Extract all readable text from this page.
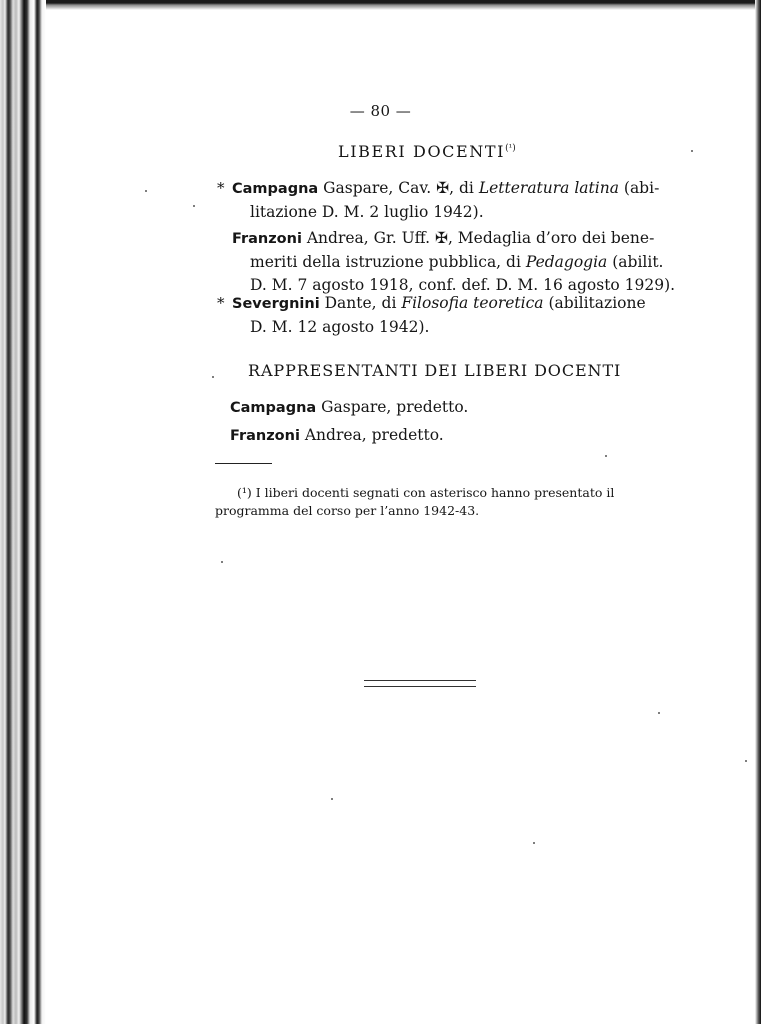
— 80 —
LIBERI $DOCENTI^{(^1)}$
* Campagna Gaspare, Cav. ✠, di Letteratura latina (abi-
litazione D. M. 2 luglio 1942).
Franzoni Andrea, Gr. Uff. ✠, Medaglia d’oro dei bene-
meriti della istruzione pubblica, di Pedagogia (abilit.
D. M. 7 agosto 1918, conf. def. D. M. 16 agosto 1929).
* Severgnini Dante, di Filosofia teoretica (abilitazione
D. M. 12 agosto 1942).
RAPPRESENTANTI DEI LIBERI DOCENTI
Campagna Gaspare, predetto.
Franzoni Andrea, predetto.
(¹) I liberi docenti segnati con asterisco hanno presentato il
programma del corso per l’anno 1942-43.
